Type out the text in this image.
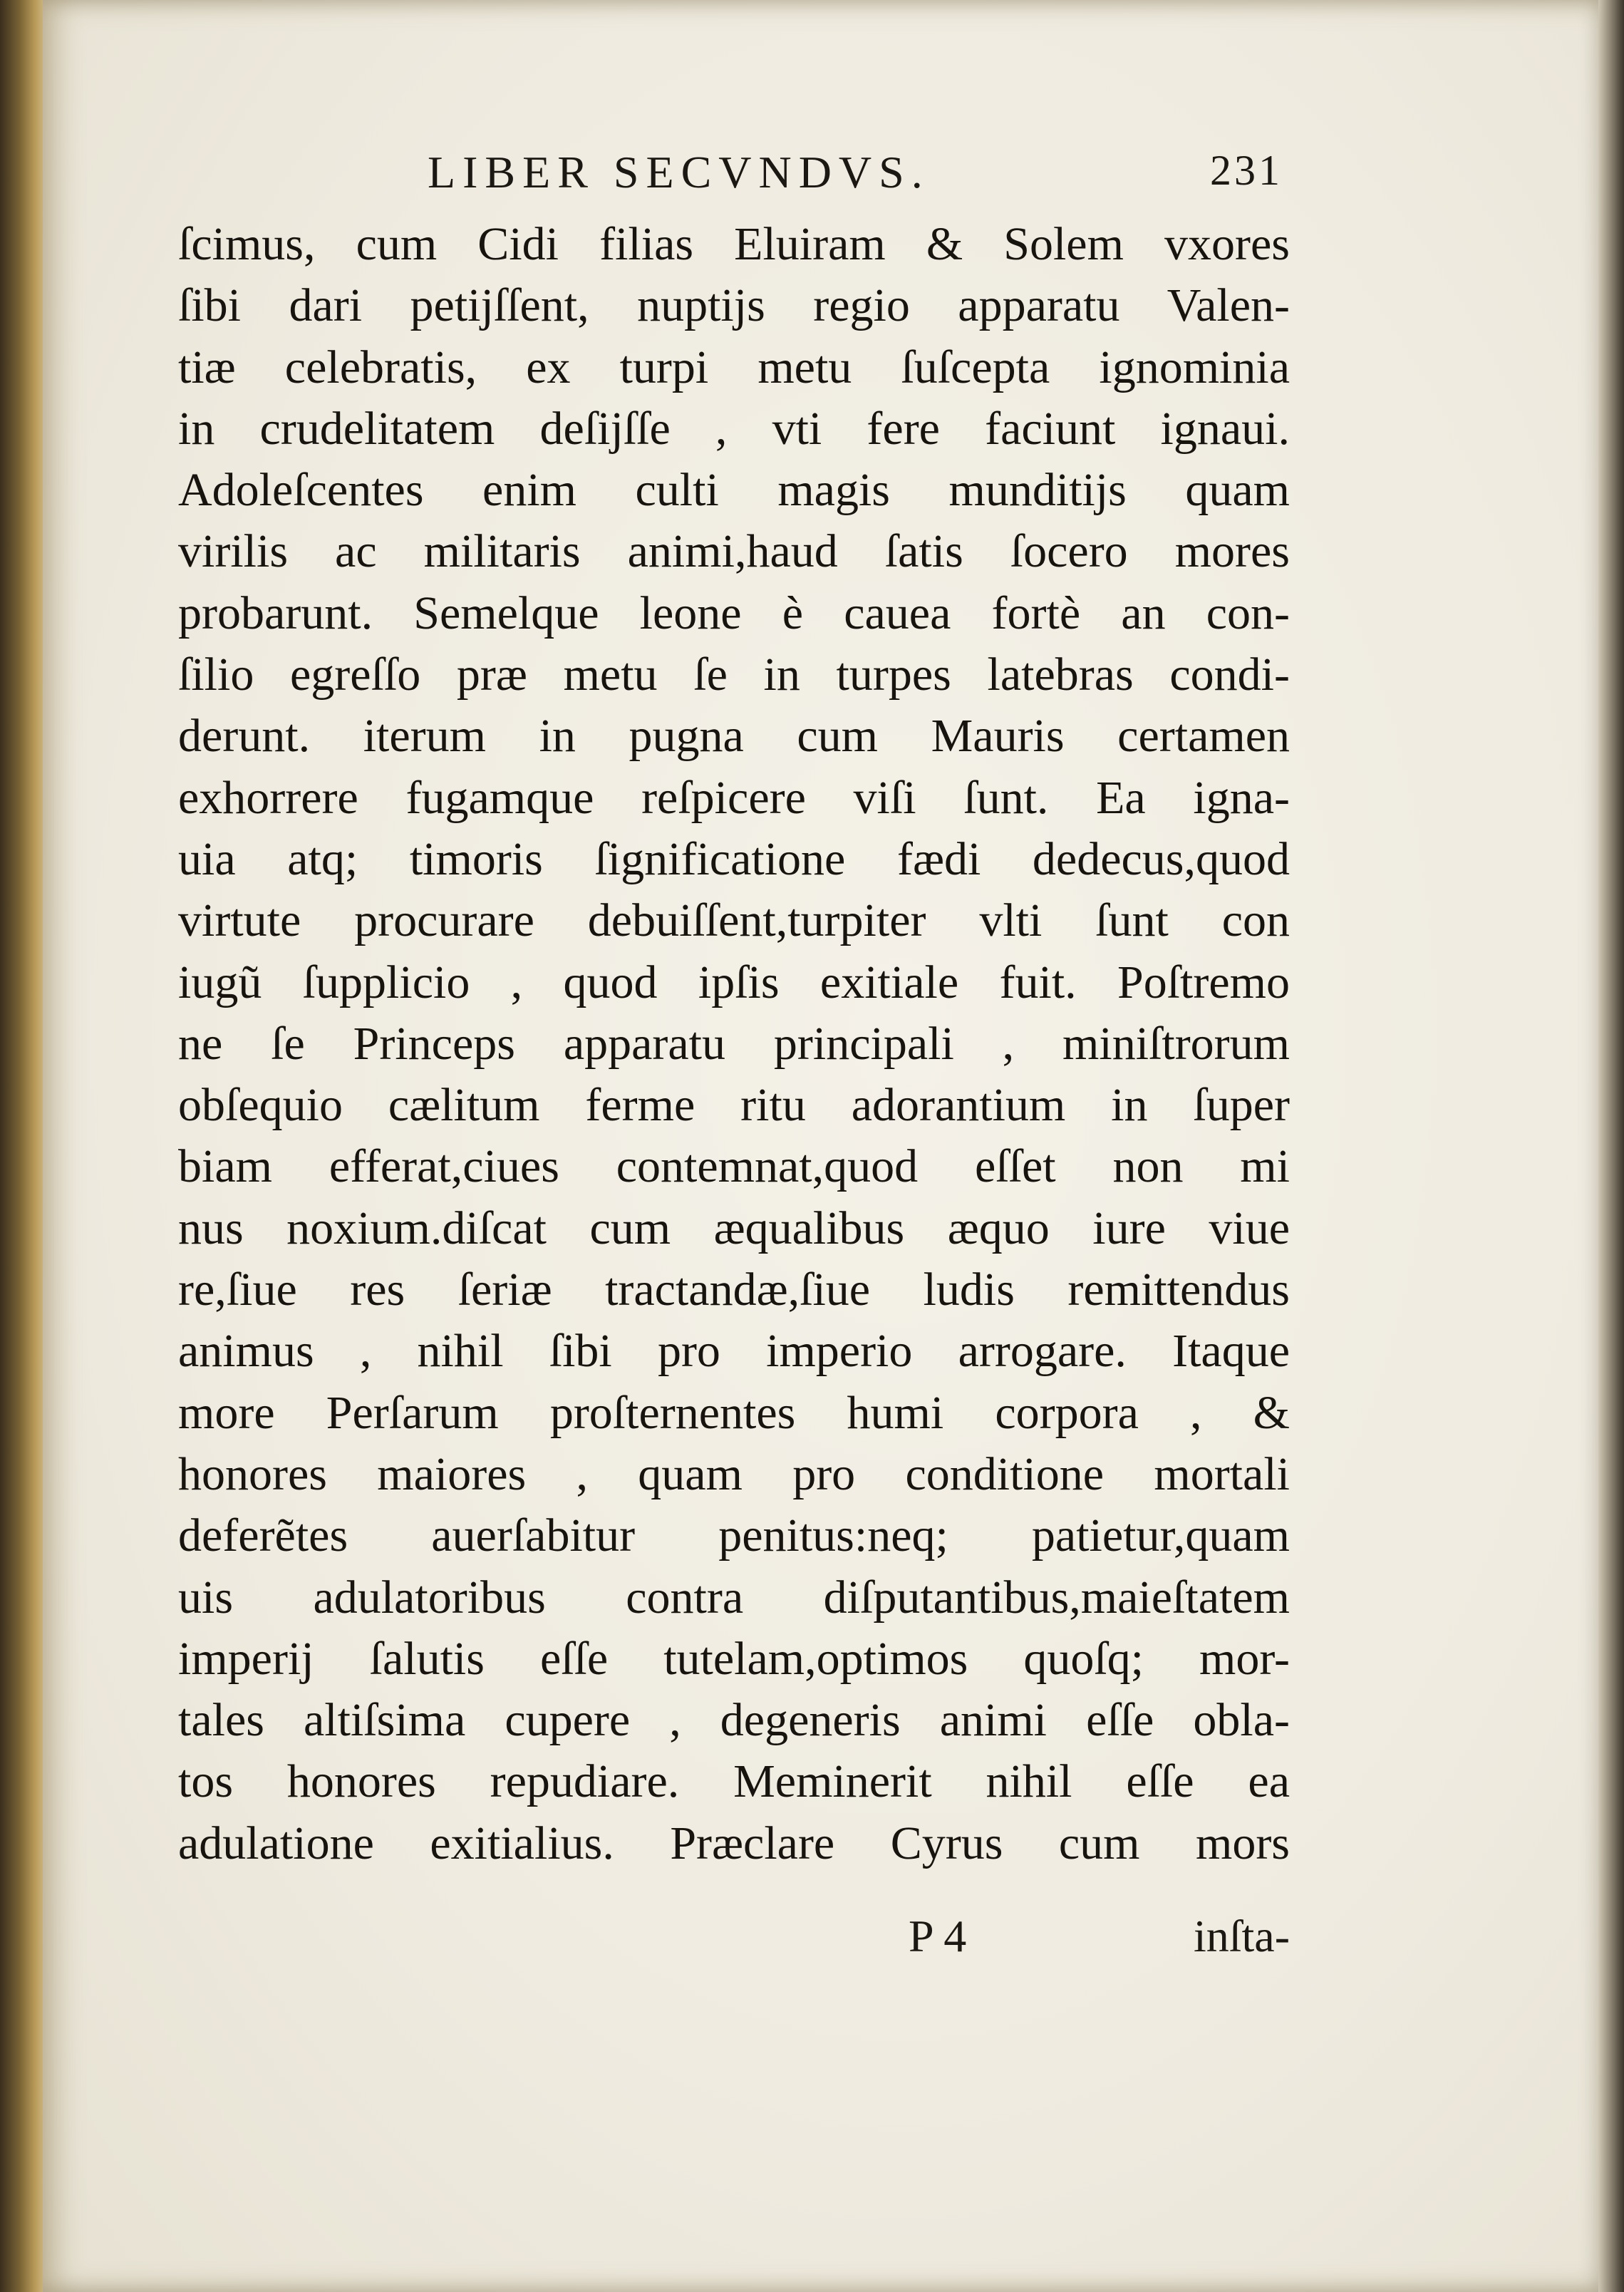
LIBER SECVNDVS.	231
ſcimus, cum Cidi filias Eluiram & Solem vxores
ſibi dari petijſſent, nuptijs regio apparatu Valen-
tiæ celebratis, ex turpi metu ſuſcepta ignominia
in crudelitatem deſijſſe , vti fere faciunt ignaui.
Adoleſcentes enim culti magis munditijs quam
virilis ac militaris animi,haud ſatis ſocero mores
probarunt. Semelque leone è cauea fortè an con-
ſilio egreſſo præ metu ſe in turpes latebras condi-
derunt. iterum in pugna cum Mauris certamen
exhorrere fugamque reſpicere viſi ſunt. Ea igna-
uia atq; timoris ſignificatione fædi dedecus,quod
virtute procurare debuiſſent,turpiter vlti ſunt con
iugũ ſupplicio , quod ipſis exitiale fuit. Poſtremo
ne ſe Princeps apparatu principali , miniſtrorum
obſequio cælitum ferme ritu adorantium in ſuper
biam efferat,ciues contemnat,quod eſſet non mi
nus noxium.diſcat cum æqualibus æquo iure viue
re,ſiue res ſeriæ tractandæ,ſiue ludis remittendus
animus , nihil ſibi pro imperio arrogare. Itaque
more Perſarum proſternentes humi corpora , &
honores maiores , quam pro conditione mortali
deferẽtes auerſabitur penitus:neq; patietur,quam
uis adulatoribus contra diſputantibus,maieſtatem
imperij ſalutis eſſe tutelam,optimos quoſq; mor-
tales altiſsima cupere , degeneris animi eſſe obla-
tos honores repudiare. Meminerit nihil eſſe ea
adulatione exitialius. Præclare Cyrus cum mors
P 4	inſta-
